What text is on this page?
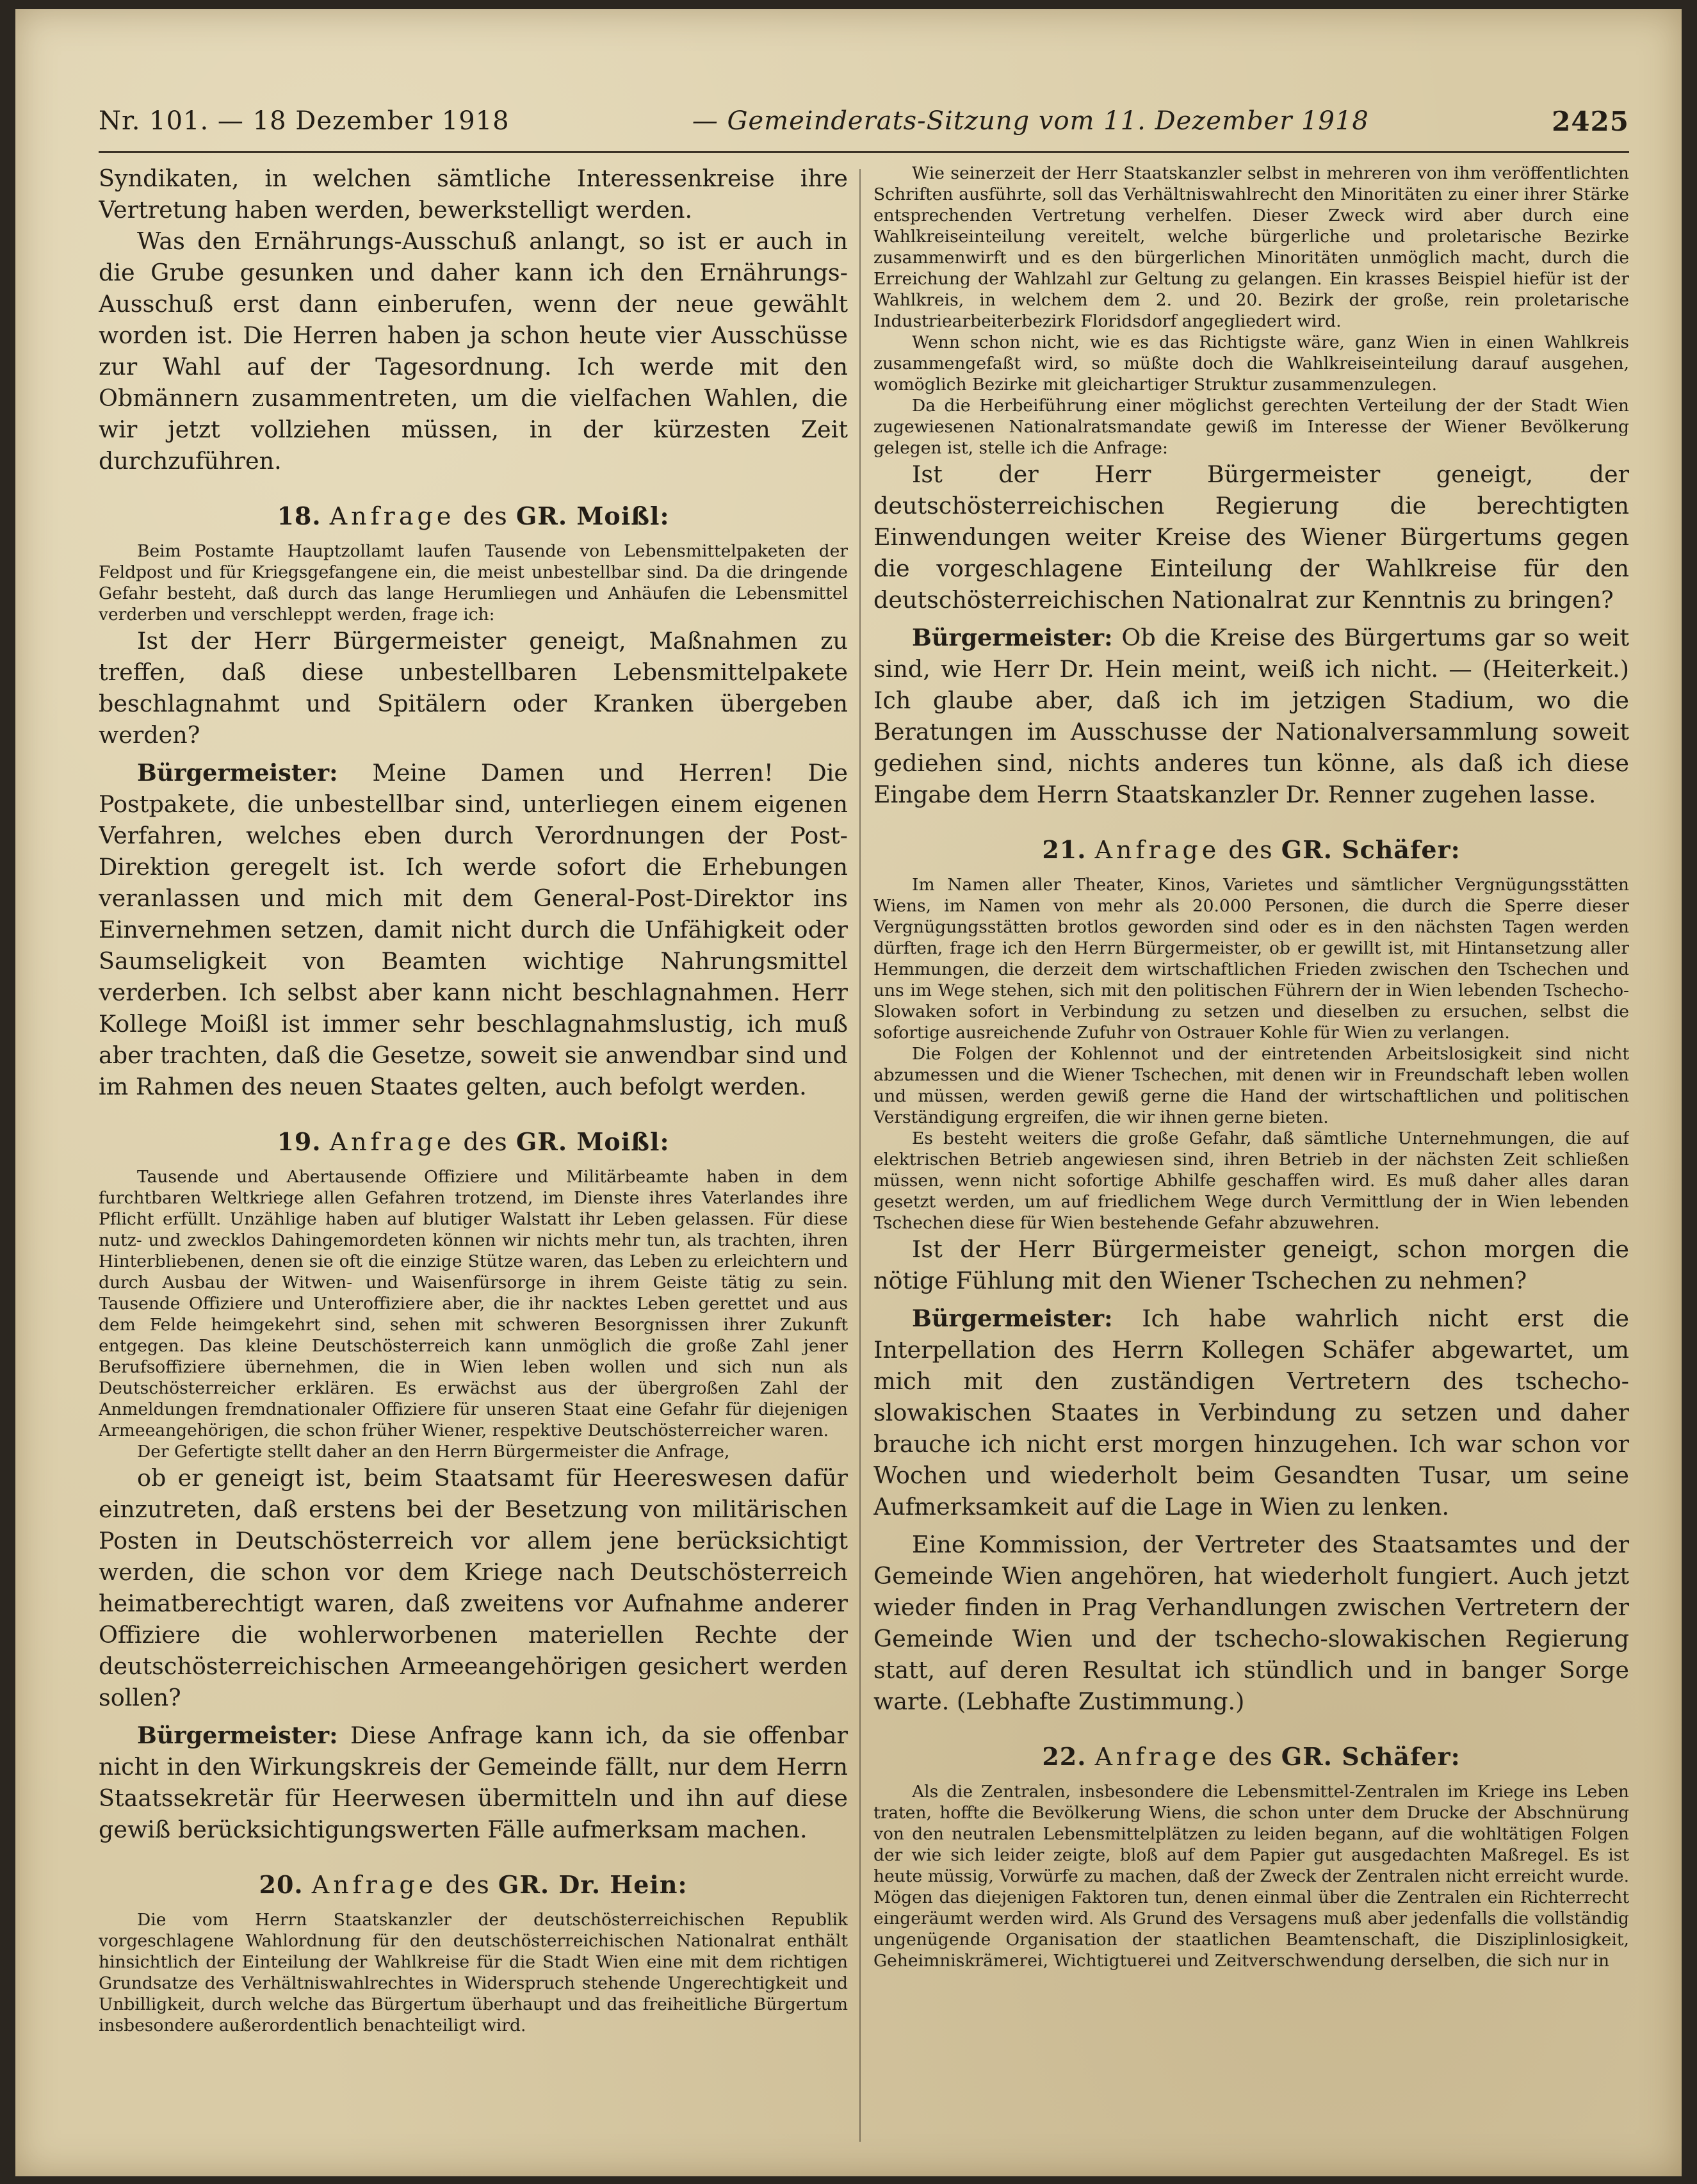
Nr. 101. — 18 Dezember 1918	— Gemeinderats-Sitzung vom 11. Dezember 1918	2425

Syndikaten, in welchen sämtliche Interessenkreise ihre Vertretung haben werden, bewerkstelligt werden.

Was den Ernährungs-Ausschuß anlangt, so ist er auch in die Grube gesunken und daher kann ich den Ernährungs-Ausschuß erst dann einberufen, wenn der neue gewählt worden ist. Die Herren haben ja schon heute vier Ausschüsse zur Wahl auf der Tagesordnung. Ich werde mit den Obmännern zusammentreten, um die vielfachen Wahlen, die wir jetzt vollziehen müssen, in der kürzesten Zeit durchzuführen.

18. Anfrage des GR. Moißl:

Beim Postamte Hauptzollamt laufen Tausende von Lebensmittelpaketen der Feldpost und für Kriegsgefangene ein, die meist unbestellbar sind. Da die dringende Gefahr besteht, daß durch das lange Herumliegen und Anhäufen die Lebensmittel verderben und verschleppt werden, frage ich:

Ist der Herr Bürgermeister geneigt, Maßnahmen zu treffen, daß diese unbestellbaren Lebensmittelpakete beschlagnahmt und Spitälern oder Kranken übergeben werden?

Bürgermeister: Meine Damen und Herren! Die Postpakete, die unbestellbar sind, unterliegen einem eigenen Verfahren, welches eben durch Verordnungen der Post-Direktion geregelt ist. Ich werde sofort die Erhebungen veranlassen und mich mit dem General-Post-Direktor ins Einvernehmen setzen, damit nicht durch die Unfähigkeit oder Saumseligkeit von Beamten wichtige Nahrungsmittel verderben. Ich selbst aber kann nicht beschlagnahmen. Herr Kollege Moißl ist immer sehr beschlagnahmslustig, ich muß aber trachten, daß die Gesetze, soweit sie anwendbar sind und im Rahmen des neuen Staates gelten, auch befolgt werden.

19. Anfrage des GR. Moißl:

Tausende und Abertausende Offiziere und Militärbeamte haben in dem furchtbaren Weltkriege allen Gefahren trotzend, im Dienste ihres Vaterlandes ihre Pflicht erfüllt. Unzählige haben auf blutiger Walstatt ihr Leben gelassen. Für diese nutz- und zwecklos Dahingemordeten können wir nichts mehr tun, als trachten, ihren Hinterbliebenen, denen sie oft die einzige Stütze waren, das Leben zu erleichtern und durch Ausbau der Witwen- und Waisenfürsorge in ihrem Geiste tätig zu sein. Tausende Offiziere und Unteroffiziere aber, die ihr nacktes Leben gerettet und aus dem Felde heimgekehrt sind, sehen mit schweren Besorgnissen ihrer Zukunft entgegen. Das kleine Deutschösterreich kann unmöglich die große Zahl jener Berufsoffiziere übernehmen, die in Wien leben wollen und sich nun als Deutschösterreicher erklären. Es erwächst aus der übergroßen Zahl der Anmeldungen fremdnationaler Offiziere für unseren Staat eine Gefahr für diejenigen Armeeangehörigen, die schon früher Wiener, respektive Deutschösterreicher waren.

Der Gefertigte stellt daher an den Herrn Bürgermeister die Anfrage,

ob er geneigt ist, beim Staatsamt für Heereswesen dafür einzutreten, daß erstens bei der Besetzung von militärischen Posten in Deutschösterreich vor allem jene berücksichtigt werden, die schon vor dem Kriege nach Deutschösterreich heimatberechtigt waren, daß zweitens vor Aufnahme anderer Offiziere die wohlerworbenen materiellen Rechte der deutschösterreichischen Armeeangehörigen gesichert werden sollen?

Bürgermeister: Diese Anfrage kann ich, da sie offenbar nicht in den Wirkungskreis der Gemeinde fällt, nur dem Herrn Staatssekretär für Heerwesen übermitteln und ihn auf diese gewiß berücksichtigungswerten Fälle aufmerksam machen.

20. Anfrage des GR. Dr. Hein:

Die vom Herrn Staatskanzler der deutschösterreichischen Republik vorgeschlagene Wahlordnung für den deutschösterreichischen Nationalrat enthält hinsichtlich der Einteilung der Wahlkreise für die Stadt Wien eine mit dem richtigen Grundsatze des Verhältniswahlrechtes in Widerspruch stehende Ungerechtigkeit und Unbilligkeit, durch welche das Bürgertum überhaupt und das freiheitliche Bürgertum insbesondere außerordentlich benachteiligt wird.

Wie seinerzeit der Herr Staatskanzler selbst in mehreren von ihm veröffentlichten Schriften ausführte, soll das Verhältniswahlrecht den Minoritäten zu einer ihrer Stärke entsprechenden Vertretung verhelfen. Dieser Zweck wird aber durch eine Wahlkreiseinteilung vereitelt, welche bürgerliche und proletarische Bezirke zusammenwirft und es den bürgerlichen Minoritäten unmöglich macht, durch die Erreichung der Wahlzahl zur Geltung zu gelangen. Ein krasses Beispiel hiefür ist der Wahlkreis, in welchem dem 2. und 20. Bezirk der große, rein proletarische Industriearbeiterbezirk Floridsdorf angegliedert wird.

Wenn schon nicht, wie es das Richtigste wäre, ganz Wien in einen Wahlkreis zusammengefaßt wird, so müßte doch die Wahlkreiseinteilung darauf ausgehen, womöglich Bezirke mit gleichartiger Struktur zusammenzulegen.

Da die Herbeiführung einer möglichst gerechten Verteilung der der Stadt Wien zugewiesenen Nationalratsmandate gewiß im Interesse der Wiener Bevölkerung gelegen ist, stelle ich die Anfrage:

Ist der Herr Bürgermeister geneigt, der deutschösterreichischen Regierung die berechtigten Einwendungen weiter Kreise des Wiener Bürgertums gegen die vorgeschlagene Einteilung der Wahlkreise für den deutschösterreichischen Nationalrat zur Kenntnis zu bringen?

Bürgermeister: Ob die Kreise des Bürgertums gar so weit sind, wie Herr Dr. Hein meint, weiß ich nicht. — (Heiterkeit.) Ich glaube aber, daß ich im jetzigen Stadium, wo die Beratungen im Ausschusse der Nationalversammlung soweit gediehen sind, nichts anderes tun könne, als daß ich diese Eingabe dem Herrn Staatskanzler Dr. Renner zugehen lasse.

21. Anfrage des GR. Schäfer:

Im Namen aller Theater, Kinos, Varietes und sämtlicher Vergnügungsstätten Wiens, im Namen von mehr als 20.000 Personen, die durch die Sperre dieser Vergnügungsstätten brotlos geworden sind oder es in den nächsten Tagen werden dürften, frage ich den Herrn Bürgermeister, ob er gewillt ist, mit Hintansetzung aller Hemmungen, die derzeit dem wirtschaftlichen Frieden zwischen den Tschechen und uns im Wege stehen, sich mit den politischen Führern der in Wien lebenden Tschecho-Slowaken sofort in Verbindung zu setzen und dieselben zu ersuchen, selbst die sofortige ausreichende Zufuhr von Ostrauer Kohle für Wien zu verlangen.

Die Folgen der Kohlennot und der eintretenden Arbeitslosigkeit sind nicht abzumessen und die Wiener Tschechen, mit denen wir in Freundschaft leben wollen und müssen, werden gewiß gerne die Hand der wirtschaftlichen und politischen Verständigung ergreifen, die wir ihnen gerne bieten.

Es besteht weiters die große Gefahr, daß sämtliche Unternehmungen, die auf elektrischen Betrieb angewiesen sind, ihren Betrieb in der nächsten Zeit schließen müssen, wenn nicht sofortige Abhilfe geschaffen wird. Es muß daher alles daran gesetzt werden, um auf friedlichem Wege durch Vermittlung der in Wien lebenden Tschechen diese für Wien bestehende Gefahr abzuwehren.

Ist der Herr Bürgermeister geneigt, schon morgen die nötige Fühlung mit den Wiener Tschechen zu nehmen?

Bürgermeister: Ich habe wahrlich nicht erst die Interpellation des Herrn Kollegen Schäfer abgewartet, um mich mit den zuständigen Vertretern des tschecho-slowakischen Staates in Verbindung zu setzen und daher brauche ich nicht erst morgen hinzugehen. Ich war schon vor Wochen und wiederholt beim Gesandten Tusar, um seine Aufmerksamkeit auf die Lage in Wien zu lenken.

Eine Kommission, der Vertreter des Staatsamtes und der Gemeinde Wien angehören, hat wiederholt fungiert. Auch jetzt wieder finden in Prag Verhandlungen zwischen Vertretern der Gemeinde Wien und der tschecho-slowakischen Regierung statt, auf deren Resultat ich stündlich und in banger Sorge warte. (Lebhafte Zustimmung.)

22. Anfrage des GR. Schäfer:

Als die Zentralen, insbesondere die Lebensmittel-Zentralen im Kriege ins Leben traten, hoffte die Bevölkerung Wiens, die schon unter dem Drucke der Abschnürung von den neutralen Lebensmittelplätzen zu leiden begann, auf die wohltätigen Folgen der wie sich leider zeigte, bloß auf dem Papier gut ausgedachten Maßregel. Es ist heute müssig, Vorwürfe zu machen, daß der Zweck der Zentralen nicht erreicht wurde. Mögen das diejenigen Faktoren tun, denen einmal über die Zentralen ein Richterrecht eingeräumt werden wird. Als Grund des Versagens muß aber jedenfalls die vollständig ungenügende Organisation der staatlichen Beamtenschaft, die Disziplinlosigkeit, Geheimniskrämerei, Wichtigtuerei und Zeitverschwendung derselben, die sich nur in
